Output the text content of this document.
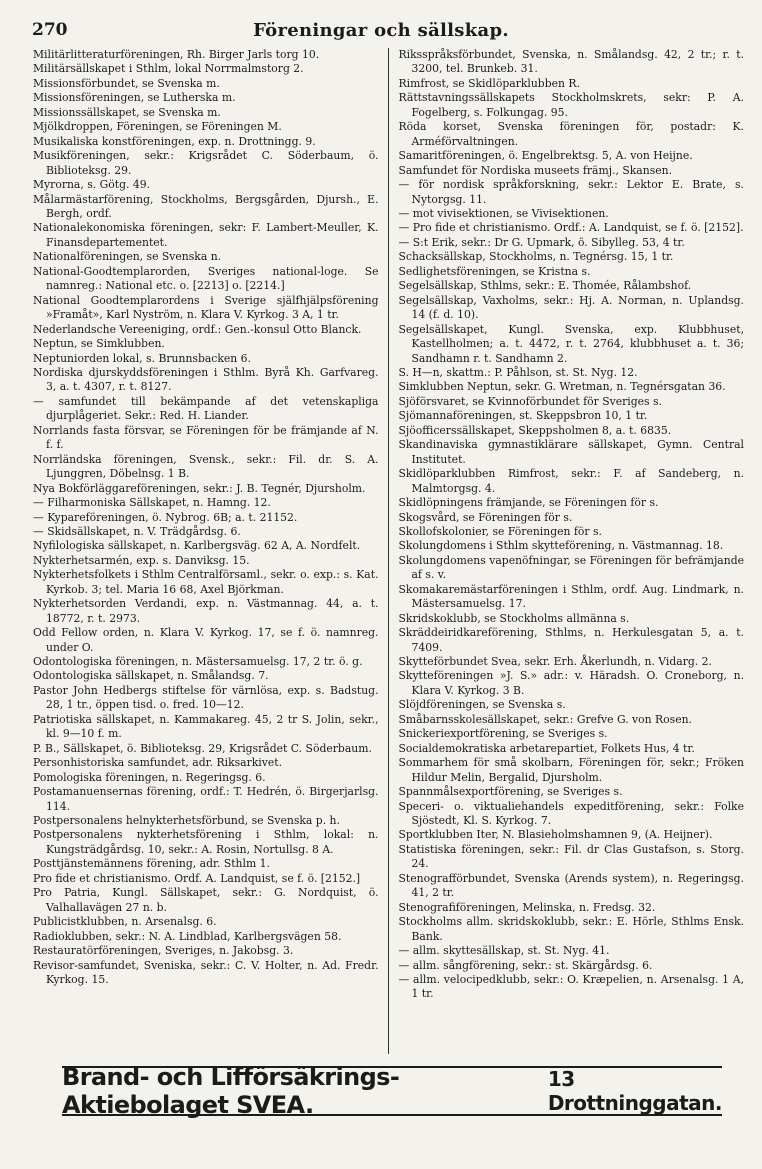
270	Föreningar och sällskap.
Militärlitteraturföreningen, Rh. Birger Jarls torg 10.
Militärsällskapet i Sthlm, lokal Norrmalmstorg 2.
Missionsförbundet, se Svenska m.
Missionsföreningen, se Lutherska m.
Missionssällskapet, se Svenska m.
Mjölkdroppen, Föreningen, se Föreningen M.
Musikaliska konstföreningen, exp. n. Drottningg. 9.
Musikföreningen, sekr.: Krigsrådet C. Söderbaum, ö. Biblioteksg. 29.
Myrorna, s. Götg. 49.
Målarmästarförening, Stockholms, Bergsgården, Djursh., E. Bergh, ordf.
Nationalekonomiska föreningen, sekr: F. Lambert-Meuller, K. Finansdepartementet.
Nationalföreningen, se Svenska n.
National-Goodtemplarorden, Sveriges national-loge. Se namnreg.: National etc. o. [2213] o. [2214.]
National Goodtemplarordens i Sverige själfhjälpsförening »Framåt», Karl Nyström, n. Klara V. Kyrkog. 3 A, 1 tr.
Nederlandsche Vereeniging, ordf.: Gen.-konsul Otto Blanck.
Neptun, se Simklubben.
Neptuniorden lokal, s. Brunnsbacken 6.
Nordiska djurskyddsföreningen i Sthlm. Byrå Kh. Garfvareg. 3, a. t. 4307, r. t. 8127.
— samfundet till bekämpande af det vetenskapliga djurplågeriet. Sekr.: Red. H. Liander.
Norrlands fasta försvar, se Föreningen för be främjande af N. f. f.
Norrländska föreningen, Svensk., sekr.: Fil. dr. S. A. Ljunggren, Döbelnsg. 1 B.
Nya Bokförläggareföreningen, sekr.: J. B. Tegnér, Djursholm.
— Filharmoniska Sällskapet, n. Hamng. 12.
— Kypareföreningen, ö. Nybrog. 6B; a. t. 21152.
— Skidsällskapet, n. V. Trädgårdsg. 6.
Nyfilologiska sällskapet, n. Karlbergsväg. 62 A, A. Nordfelt.
Nykterhetsarmén, exp. s. Danviksg. 15.
Nykterhetsfolkets i Sthlm Centralförsaml., sekr. o. exp.: s. Kat. Kyrkob. 3; tel. Maria 16 68, Axel Björkman.
Nykterhetsorden Verdandi, exp. n. Västmannag. 44, a. t. 18772, r. t. 2973.
Odd Fellow orden, n. Klara V. Kyrkog. 17, se f. ö. namnreg. under O.
Odontologiska föreningen, n. Mästersamuelsg. 17, 2 tr. ö. g.
Odontologiska sällskapet, n. Smålandsg. 7.
Pastor John Hedbergs stiftelse för värnlösa, exp. s. Badstug. 28, 1 tr., öppen tisd. o. fred. 10—12.
Patriotiska sällskapet, n. Kammakareg. 45, 2 tr S. Jolin, sekr., kl. 9—10 f. m.
P. B., Sällskapet, ö. Biblioteksg. 29, Krigsrådet C. Söderbaum.
Personhistoriska samfundet, adr. Riksarkivet.
Pomologiska föreningen, n. Regeringsg. 6.
Postamanuensernas förening, ordf.: T. Hedrén, ö. Birgerjarlsg. 114.
Postpersonalens helnykterhetsförbund, se Svenska p. h.
Postpersonalens nykterhetsförening i Sthlm, lokal: n. Kungsträdgårdsg. 10, sekr.: A. Rosin, Nortullsg. 8 A.
Posttjänstemännens förening, adr. Sthlm 1.
Pro fide et christianismo. Ordf. A. Landquist, se f. ö. [2152.]
Pro Patria, Kungl. Sällskapet, sekr.: G. Nordquist, ö. Valhallavägen 27 n. b.
Publicistklubben, n. Arsenalsg. 6.
Radioklubben, sekr.: N. A. Lindblad, Karlbergsvägen 58.
Restauratörföreningen, Sveriges, n. Jakobsg. 3.
Revisor-samfundet, Sveniska, sekr.: C. V. Holter, n. Ad. Fredr. Kyrkog. 15.
Riksspråksförbundet, Svenska, n. Smålandsg. 42, 2 tr.; r. t. 3200, tel. Brunkeb. 31.
Rimfrost, se Skidlöparklubben R.
Rättstavningssällskapets Stockholmskrets, sekr: P. A. Fogelberg, s. Folkungag. 95.
Röda korset, Svenska föreningen för, postadr: K. Arméförvaltningen.
Samaritföreningen, ö. Engelbrektsg. 5, A. von Heijne.
Samfundet för Nordiska museets främj., Skansen.
— för nordisk språkforskning, sekr.: Lektor E. Brate, s. Nytorgsg. 11.
— mot vivisektionen, se Vivisektionen.
— Pro fide et christianismo. Ordf.: A. Landquist, se f. ö. [2152].
— S:t Erik, sekr.: Dr G. Upmark, ö. Sibylleg. 53, 4 tr.
Schacksällskap, Stockholms, n. Tegnérsg. 15, 1 tr.
Sedlighetsföreningen, se Kristna s.
Segelsällskap, Sthlms, sekr.: E. Thomée, Rålambshof.
Segelsällskap, Vaxholms, sekr.: Hj. A. Norman, n. Uplandsg. 14 (f. d. 10).
Segelsällskapet, Kungl. Svenska, exp. Klubbhuset, Kastellholmen; a. t. 4472, r. t. 2764, klubbhuset a. t. 36; Sandhamn r. t. Sandhamn 2.
S. H—n, skattm.: P. Påhlson, st. St. Nyg. 12.
Simklubben Neptun, sekr. G. Wretman, n. Tegnérsgatan 36.
Sjöförsvaret, se Kvinnoförbundet för Sveriges s.
Sjömannaföreningen, st. Skeppsbron 10, 1 tr.
Sjöofficerssällskapet, Skeppsholmen 8, a. t. 6835.
Skandinaviska gymnastiklärare sällskapet, Gymn. Central Institutet.
Skidlöparklubben Rimfrost, sekr.: F. af Sandeberg, n. Malmtorgsg. 4.
Skidlöpningens främjande, se Föreningen för s.
Skogsvård, se Föreningen för s.
Skollofskolonier, se Föreningen för s.
Skolungdomens i Sthlm skytteförening, n. Västmannag. 18.
Skolungdomens vapenöfningar, se Föreningen för befrämjande af s. v.
Skomakaremästarföreningen i Sthlm, ordf. Aug. Lindmark, n. Mästersamuelsg. 17.
Skridskoklubb, se Stockholms allmänna s.
Skräddeiridkareförening, Sthlms, n. Herkulesgatan 5, a. t. 7409.
Skytteförbundet Svea, sekr. Erh. Åkerlundh, n. Vidarg. 2.
Skytteföreningen »J. S.» adr.: v. Häradsh. O. Croneborg, n. Klara V. Kyrkog. 3 B.
Slöjdföreningen, se Svenska s.
Småbarnsskolesällskapet, sekr.: Grefve G. von Rosen.
Snickeriexportförening, se Sveriges s.
Socialdemokratiska arbetarepartiet, Folkets Hus, 4 tr.
Sommarhem för små skolbarn, Föreningen för, sekr.; Fröken Hildur Melin, Bergalid, Djursholm.
Spannmålsexportförening, se Sveriges s.
Speceri- o. viktualiehandels expeditförening, sekr.: Folke Sjöstedt, Kl. S. Kyrkog. 7.
Sportklubben Iter, N. Blasieholmshamnen 9, (A. Heijner).
Statistiska föreningen, sekr.: Fil. dr Clas Gustafson, s. Storg. 24.
Stenografförbundet, Svenska (Arends system), n. Regeringsg. 41, 2 tr.
Stenografiföreningen, Melinska, n. Fredsg. 32.
Stockholms allm. skridskoklubb, sekr.: E. Hörle, Sthlms Ensk. Bank.
— allm. skyttesällskap, st. St. Nyg. 41.
— allm. sångförening, sekr.: st. Skärgårdsg. 6.
— allm. velocipedklubb, sekr.: O. Kræpelien, n. Arsenalsg. 1 A, 1 tr.
Brand- och Lifförsäkrings-Aktiebolaget SVEA.
13 Drottninggatan.
